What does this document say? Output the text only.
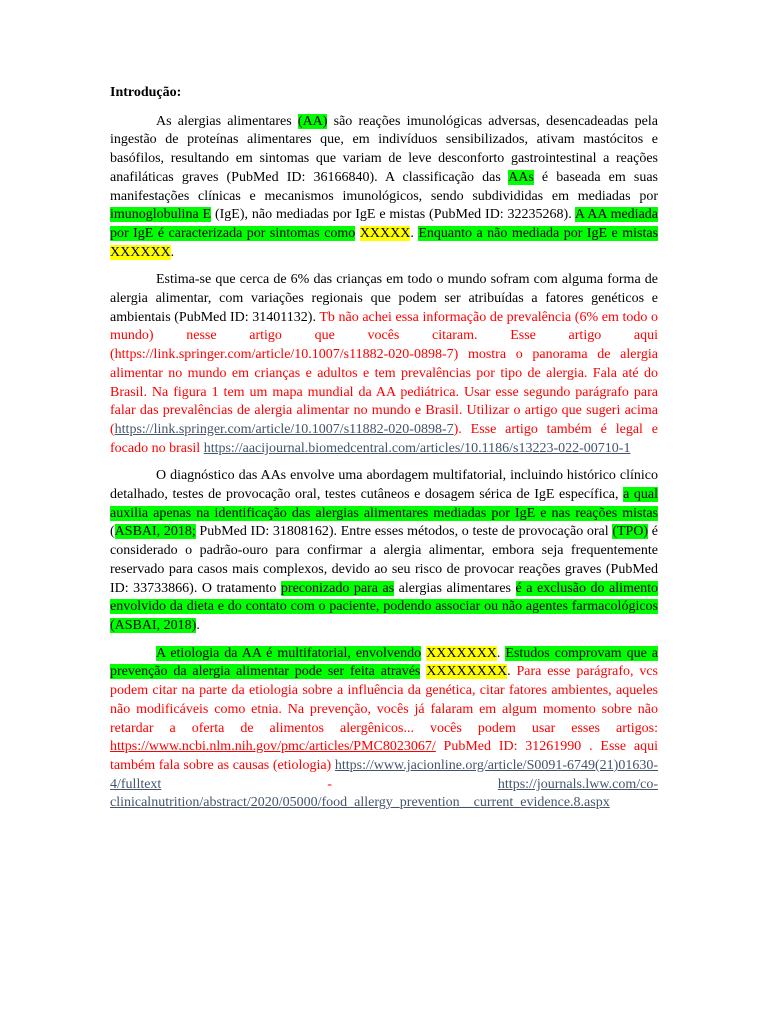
Introdução:

As alergias alimentares (AA) são reações imunológicas adversas, desencadeadas pela ingestão de proteínas alimentares que, em indivíduos sensibilizados, ativam mastócitos e basófilos, resultando em sintomas que variam de leve desconforto gastrointestinal a reações anafiláticas graves (PubMed ID: 36166840). A classificação das AAs é baseada em suas manifestações clínicas e mecanismos imunológicos, sendo subdivididas em mediadas por imunoglobulina E (IgE), não mediadas por IgE e mistas (PubMed ID: 32235268). A AA mediada por IgE é caracterizada por sintomas como XXXXX. Enquanto a não mediada por IgE e mistas XXXXXX.

Estima-se que cerca de 6% das crianças em todo o mundo sofram com alguma forma de alergia alimentar, com variações regionais que podem ser atribuídas a fatores genéticos e ambientais (PubMed ID: 31401132). Tb não achei essa informação de prevalência (6% em todo o mundo) nesse artigo que vocês citaram. Esse artigo aqui (https://link.springer.com/article/10.1007/s11882-020-0898-7) mostra o panorama de alergia alimentar no mundo em crianças e adultos e tem prevalências por tipo de alergia. Fala até do Brasil. Na figura 1 tem um mapa mundial da AA pediátrica. Usar esse segundo parágrafo para falar das prevalências de alergia alimentar no mundo e Brasil. Utilizar o artigo que sugeri acima (https://link.springer.com/article/10.1007/s11882-020-0898-7). Esse artigo também é legal e focado no brasil https://aacijournal.biomedcentral.com/articles/10.1186/s13223-022-00710-1

O diagnóstico das AAs envolve uma abordagem multifatorial, incluindo histórico clínico detalhado, testes de provocação oral, testes cutâneos e dosagem sérica de IgE específica, a qual auxilia apenas na identificação das alergias alimentares mediadas por IgE e nas reações mistas (ASBAI, 2018; PubMed ID: 31808162). Entre esses métodos, o teste de provocação oral (TPO) é considerado o padrão-ouro para confirmar a alergia alimentar, embora seja frequentemente reservado para casos mais complexos, devido ao seu risco de provocar reações graves (PubMed ID: 33733866). O tratamento preconizado para as alergias alimentares é a exclusão do alimento envolvido da dieta e do contato com o paciente, podendo associar ou não agentes farmacológicos (ASBAI, 2018).

A etiologia da AA é multifatorial, envolvendo XXXXXXX. Estudos comprovam que a prevenção da alergia alimentar pode ser feita através XXXXXXXX. Para esse parágrafo, vcs podem citar na parte da etiologia sobre a influência da genética, citar fatores ambientes, aqueles não modificáveis como etnia. Na prevenção, vocês já falaram em algum momento sobre não retardar a oferta de alimentos alergênicos... vocês podem usar esses artigos: https://www.ncbi.nlm.nih.gov/pmc/articles/PMC8023067/ PubMed ID: 31261990 . Esse aqui também fala sobre as causas (etiologia) https://www.jacionline.org/article/S0091-6749(21)01630-4/fulltext -	https://journals.lww.com/co-clinicalnutrition/abstract/2020/05000/food_allergy_prevention__current_evidence.8.aspx
